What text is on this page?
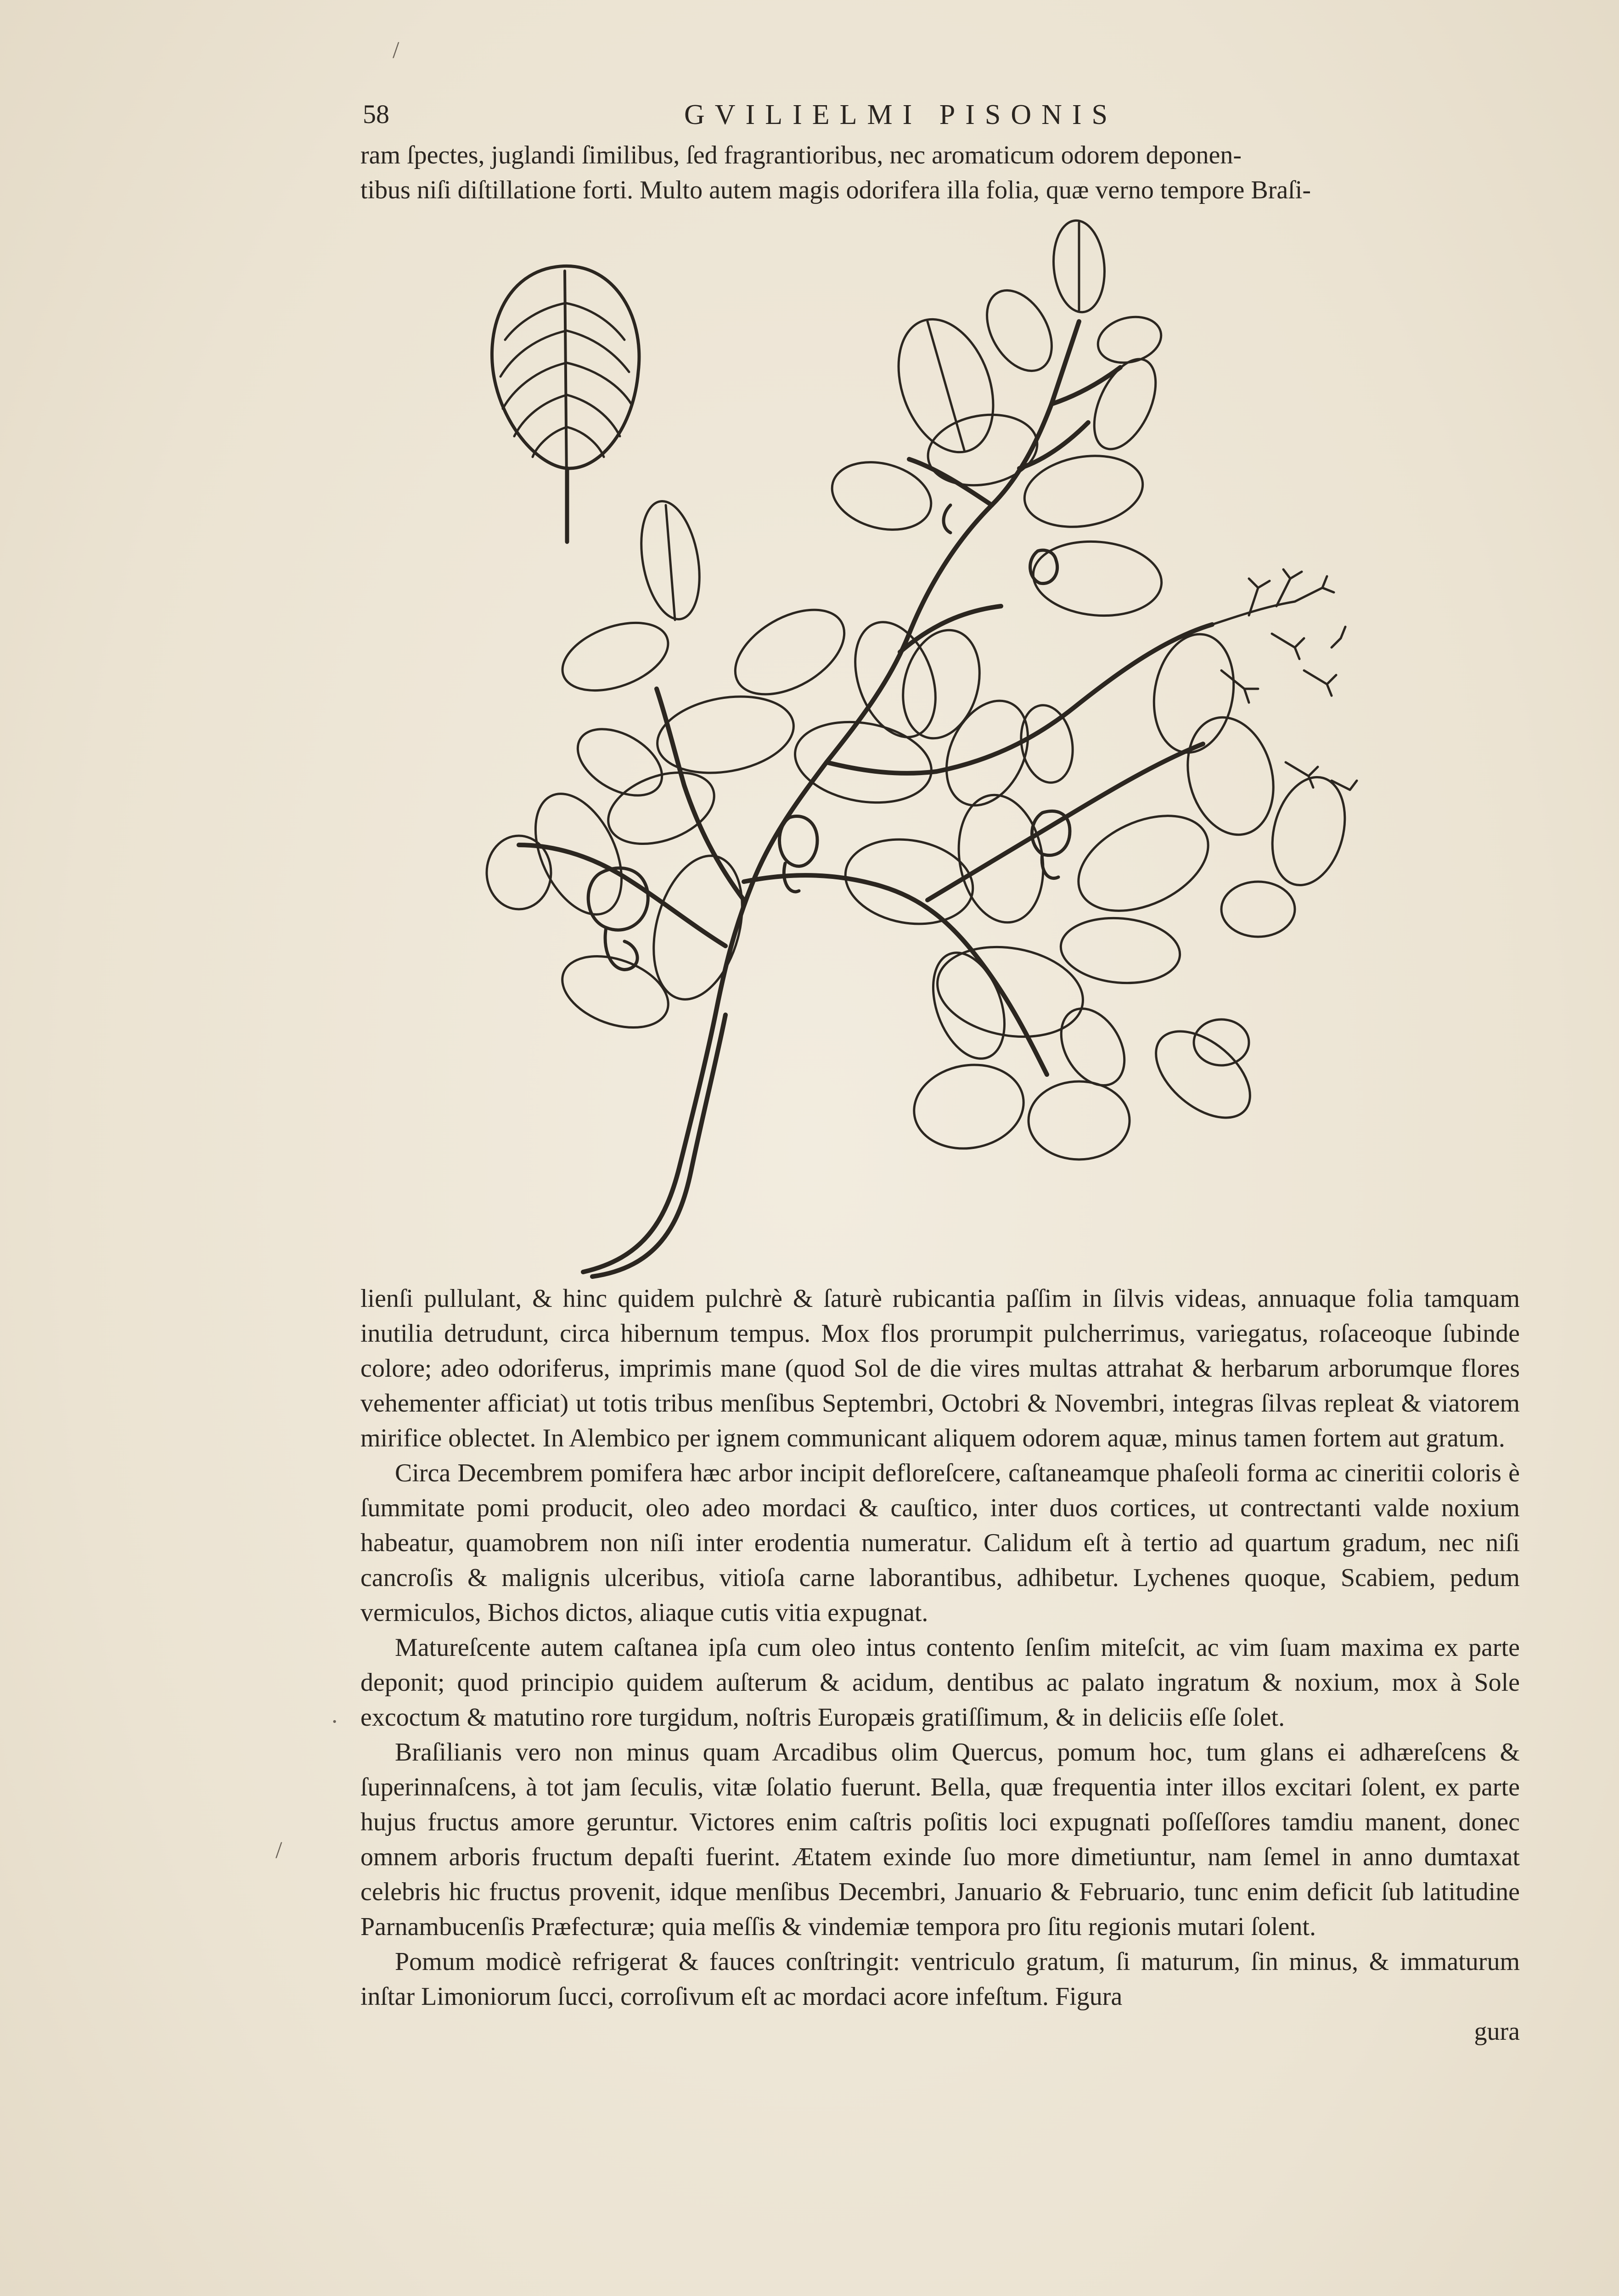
/
58	GVILIELMI PISONIS

ram ſpectes, juglandi ſimilibus, ſed fragrantioribus, nec aromaticum odorem deponen-

tibus niſi diſtillatione forti. Multo autem magis odorifera illa folia, quæ verno tempore Braſi-

lienſi pullulant, & hinc quidem pulchrè & ſaturè rubicantia paſſim in ſilvis videas, annuaque folia tamquam inutilia detrudunt, circa hibernum tempus. Mox flos prorumpit pulcherrimus, variegatus, roſaceoque ſubinde colore; adeo odoriferus, imprimis mane (quod Sol de die vires multas attrahat & herbarum arborumque flores vehementer afficiat) ut totis tribus menſibus Septembri, Octobri & Novembri, integras ſilvas repleat & viatorem mirifice oblectet. In Alembico per ignem communicant aliquem odorem aquæ, minus tamen fortem aut gratum.

Circa Decembrem pomifera hæc arbor incipit defloreſcere, caſtaneamque phaſeoli forma ac cineritii coloris è ſummitate pomi producit, oleo adeo mordaci & cauſtico, inter duos cortices, ut contrectanti valde noxium habeatur, quamobrem non niſi inter erodentia numeratur. Calidum eſt à tertio ad quartum gradum, nec niſi cancroſis & malignis ulceribus, vitioſa carne laborantibus, adhibetur. Lychenes quoque, Scabiem, pedum vermiculos, Bichos dictos, aliaque cutis vitia expugnat.

Matureſcente autem caſtanea ipſa cum oleo intus contento ſenſim miteſcit, ac vim ſuam maxima ex parte deponit; quod principio quidem auſterum & acidum, dentibus ac palato ingratum & noxium, mox à Sole excoctum & matutino rore turgidum, noſtris Europæis gratiſſimum, & in deliciis eſſe ſolet.

Braſilianis vero non minus quam Arcadibus olim Quercus, pomum hoc, tum glans ei adhæreſcens & ſuperinnaſcens, à tot jam ſeculis, vitæ ſolatio fuerunt. Bella, quæ frequentia inter illos excitari ſolent, ex parte hujus fructus amore geruntur. Victores enim caſtris poſitis loci expugnati poſſeſſores tamdiu manent, donec omnem arboris fructum depaſti fuerint. Ætatem exinde ſuo more dimetiuntur, nam ſemel in anno dumtaxat celebris hic fructus provenit, idque menſibus Decembri, Januario & Februario, tunc enim deficit ſub latitudine Parnambucenſis Præfecturæ; quia meſſis & vindemiæ tempora pro ſitu regionis mutari ſolent.

Pomum modicè refrigerat & fauces conſtringit: ventriculo gratum, ſi maturum, ſin minus, & immaturum inſtar Limoniorum ſucci, corroſivum eſt ac mordaci acore infeſtum. Figura

gura
/
·
